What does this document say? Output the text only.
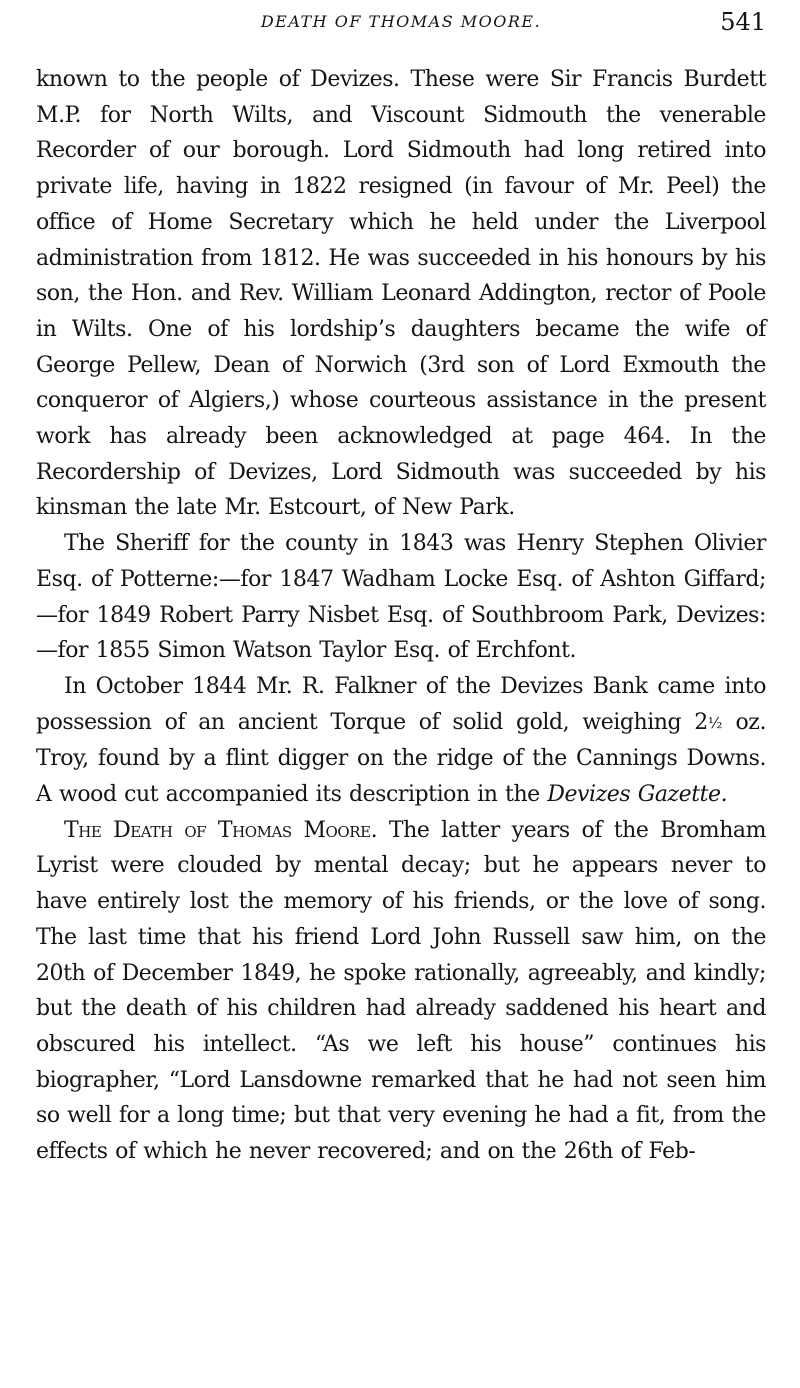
DEATH OF THOMAS MOORE.	541

known to the people of Devizes. These were Sir Francis Burdett M.P. for North Wilts, and Viscount Sidmouth the venerable Recorder of our borough. Lord Sidmouth had long retired into private life, having in 1822 resigned (in favour of Mr. Peel) the office of Home Secretary which he held under the Liverpool administration from 1812. He was succeeded in his honours by his son, the Hon. and Rev. William Leonard Addington, rector of Poole in Wilts. One of his lordship’s daughters became the wife of George Pellew, Dean of Norwich (3rd son of Lord Exmouth the conqueror of Algiers,) whose courteous assistance in the present work has already been acknowledged at page 464. In the Recordership of Devizes, Lord Sidmouth was succeeded by his kinsman the late Mr. Estcourt, of New Park.

The Sheriff for the county in 1843 was Henry Stephen Olivier Esq. of Potterne:—for 1847 Wadham Locke Esq. of Ashton Giffard;—for 1849 Robert Parry Nisbet Esq. of Southbroom Park, Devizes:—for 1855 Simon Watson Taylor Esq. of Erchfont.

In October 1844 Mr. R. Falkner of the Devizes Bank came into possession of an ancient Torque of solid gold, weighing 2½ oz. Troy, found by a flint digger on the ridge of the Cannings Downs. A wood cut accompanied its description in the Devizes Gazette.

The Death of Thomas Moore. The latter years of the Bromham Lyrist were clouded by mental decay; but he appears never to have entirely lost the memory of his friends, or the love of song. The last time that his friend Lord John Russell saw him, on the 20th of December 1849, he spoke rationally, agreeably, and kindly; but the death of his children had already saddened his heart and obscured his intellect. “As we left his house” continues his biographer, “Lord Lansdowne remarked that he had not seen him so well for a long time; but that very evening he had a fit, from the effects of which he never recovered; and on the 26th of Feb-
